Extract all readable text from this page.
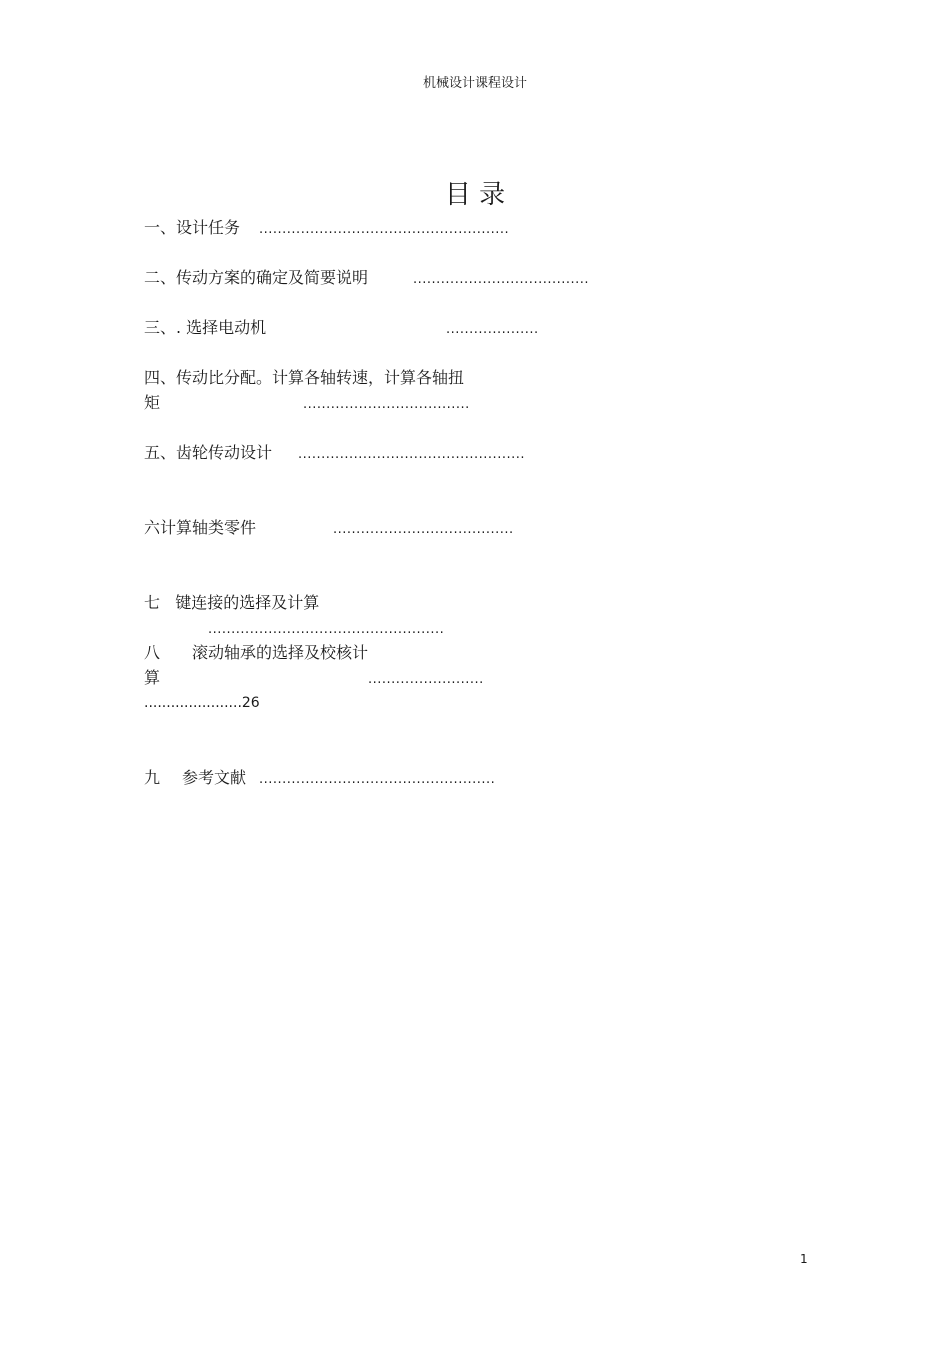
机械设计课程设计
目 录
一、设计任务 ......................................................
二、传动方案的确定及简要说明	......................................
三、. 选择电动机	....................
四、传动比分配。计算各轴转速，计算各轴扭
矩	....................................
五、齿轮传动设计 .................................................
六计算轴类零件	.......................................
七   键连接的选择及计算
...................................................
八 滚动轴承的选择及校核计
算	.........................
......................26
九 参考文献 ...................................................
1
